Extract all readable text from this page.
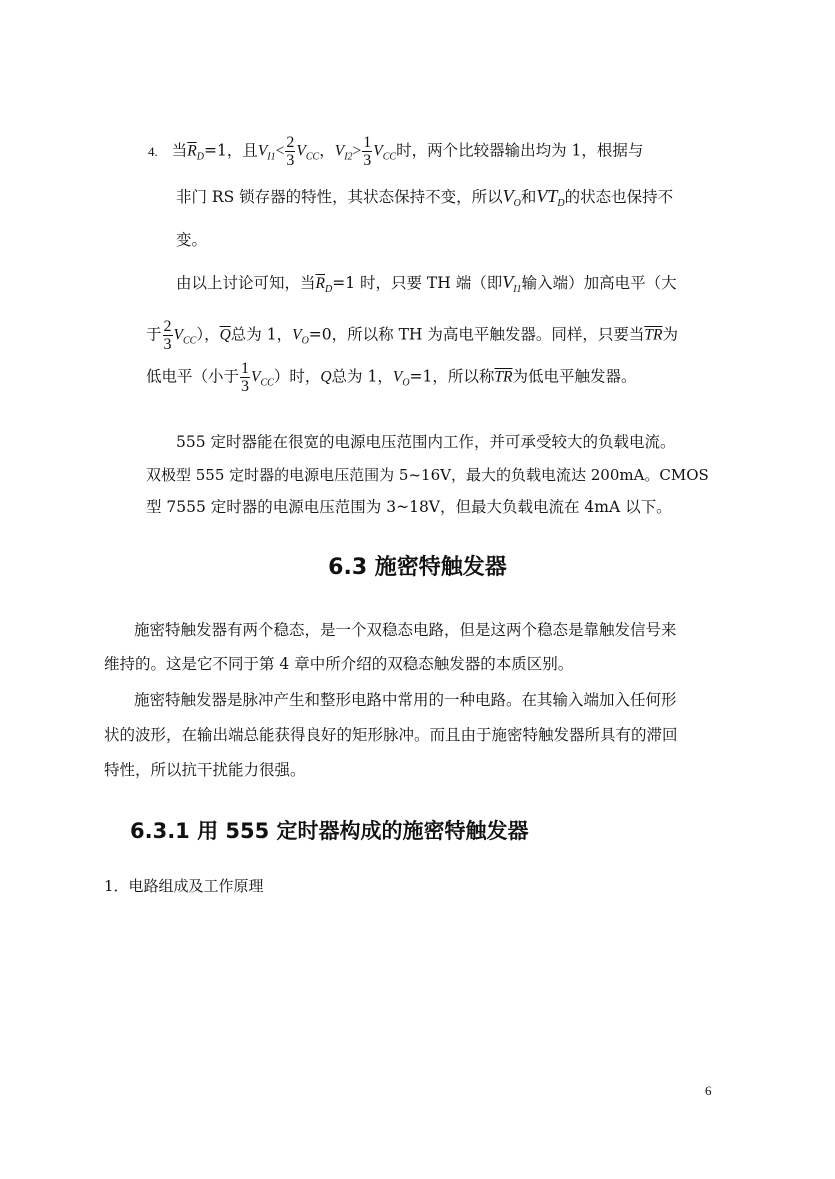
4. 当$\overline{R}_D=1$，且$V_{I1}< \frac{2}{3} V_{CC}$，$V_{I2}> \frac{1}{3} V_{CC}$时，两个比较器输出均为 1，根据与
非门 RS 锁存器的特性，其状态保持不变，所以$V_O$和$VT_D$的状态也保持不
变。
由以上讨论可知，当$\overline{R}_D=1$ 时，只要 TH 端（即$V_{I1}$输入端）加高电平（大
于 $\frac{2}{3} V_{CC}$），$\overline{Q}$总为 1，$V_O=0$，所以称 TH 为高电平触发器。同样，只要当$\overline{TR}$为
低电平（小于 $\frac{1}{3} V_{CC}$）时，Q总为 1，$V_O=1$，所以称$\overline{TR}$为低电平触发器。
555 定时器能在很宽的电源电压范围内工作，并可承受较大的负载电流。
双极型 555 定时器的电源电压范围为 5~16V，最大的负载电流达 200mA。CMOS
型 7555 定时器的电源电压范围为 3~18V，但最大负载电流在 4mA 以下。
6.3 施密特触发器
施密特触发器有两个稳态，是一个双稳态电路，但是这两个稳态是靠触发信号来
维持的。这是它不同于第 4 章中所介绍的双稳态触发器的本质区别。
施密特触发器是脉冲产生和整形电路中常用的一种电路。在其输入端加入任何形
状的波形，在输出端总能获得良好的矩形脉冲。而且由于施密特触发器所具有的滞回
特性，所以抗干扰能力很强。
6.3.1 用 555 定时器构成的施密特触发器
1．电路组成及工作原理
6
